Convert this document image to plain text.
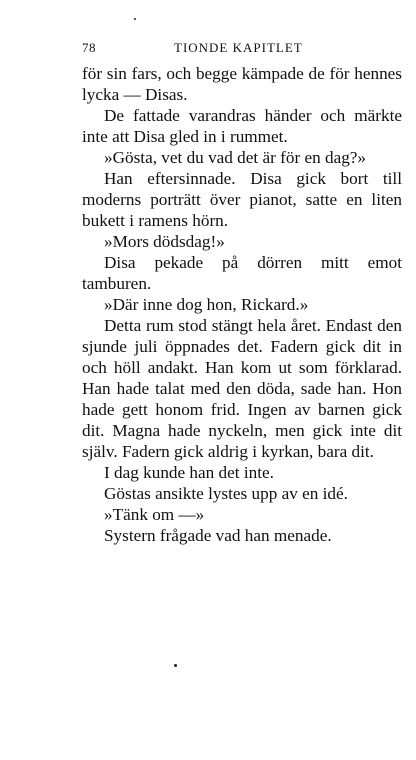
78	TIONDE KAPITLET

för sin fars, och begge kämpade de för hennes lycka — Disas.

De fattade varandras händer och märkte inte att Disa gled in i rummet.

»Gösta, vet du vad det är för en dag?»

Han eftersinnade. Disa gick bort till moderns porträtt över pianot, satte en liten bukett i ramens hörn.

»Mors dödsdag!»

Disa pekade på dörren mitt emot tamburen.

»Där inne dog hon, Rickard.»

Detta rum stod stängt hela året. Endast den sjunde juli öppnades det. Fadern gick dit in och höll andakt. Han kom ut som förklarad. Han hade talat med den döda, sade han. Hon hade gett honom frid. Ingen av barnen gick dit. Magna hade nyckeln, men gick inte dit själv. Fadern gick aldrig i kyrkan, bara dit.

I dag kunde han det inte.

Göstas ansikte lystes upp av en idé.

»Tänk om —»

Systern frågade vad han menade.
